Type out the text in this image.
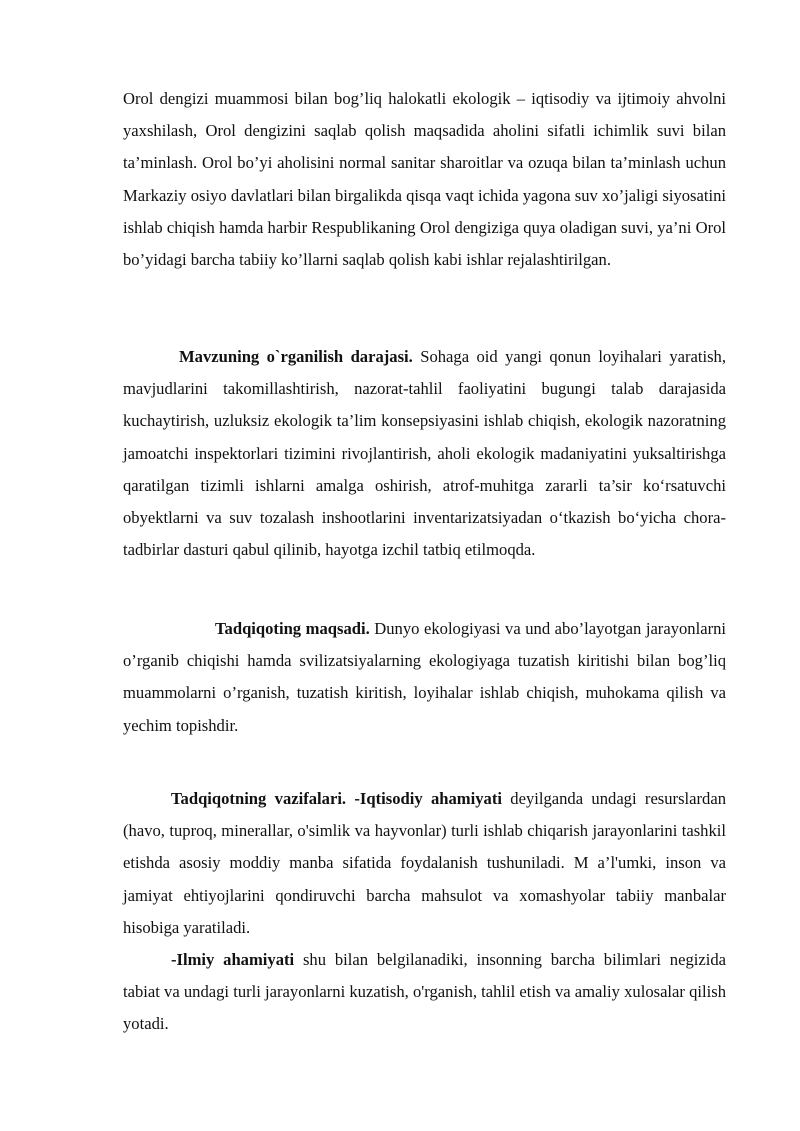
Orol dengizi muammosi bilan bog’liq halokatli ekologik – iqtisodiy va ijtimoiy ahvolni yaxshilash, Orol dengizini saqlab qolish maqsadida aholini sifatli ichimlik suvi bilan ta’minlash. Orol bo’yi aholisini normal sanitar sharoitlar va ozuqa bilan ta’minlash uchun Markaziy osiyo davlatlari bilan birgalikda qisqa vaqt ichida yagona suv xo’jaligi siyosatini ishlab chiqish hamda harbir Respublikaning Orol dengiziga quya oladigan suvi, ya’ni Orol bo’yidagi barcha tabiiy ko’llarni saqlab qolish kabi ishlar rejalashtirilgan.

Mavzuning o`rganilish darajasi. Sohaga oid yangi qonun loyihalari yaratish, mavjudlarini takomillashtirish, nazorat-tahlil faoliyatini bugungi talab darajasida kuchaytirish, uzluksiz ekologik ta’lim konsepsiyasini ishlab chiqish, ekologik nazoratning jamoatchi inspektorlari tizimini rivojlantirish, aholi ekologik madaniyatini yuksaltirishga qaratilgan tizimli ishlarni amalga oshirish, atrof-muhitga zararli ta’sir ko‘rsatuvchi obyektlarni va suv tozalash inshootlarini inventarizatsiyadan o‘tkazish bo‘yicha chora-tadbirlar dasturi qabul qilinib, hayotga izchil tatbiq etilmoqda.

Tadqiqoting maqsadi. Dunyo ekologiyasi va und abo’layotgan jarayonlarni o’rganib chiqishi hamda svilizatsiyalarning ekologiyaga tuzatish kiritishi bilan bog’liq muammolarni o’rganish, tuzatish kiritish, loyihalar ishlab chiqish, muhokama qilish va yechim topishdir.

Tadqiqotning vazifalari. -Iqtisodiy ahamiyati deyilganda undagi resurslardan (havo, tuproq, minerallar, o'simlik va hayvonlar) turli ishlab chiqarish jarayonlarini tashkil etishda asosiy moddiy manba sifatida foydalanish tushuniladi. M a’l'umki, inson va jamiyat ehtiyojlarini qondiruvchi barcha mahsulot va xomashyolar tabiiy manbalar hisobiga yaratiladi.

-Ilmiy ahamiyati shu bilan belgilanadiki, insonning barcha bilimlari negizida tabiat va undagi turli jarayonlarni kuzatish, o'rganish, tahlil etish va amaliy xulosalar qilish yotadi.
